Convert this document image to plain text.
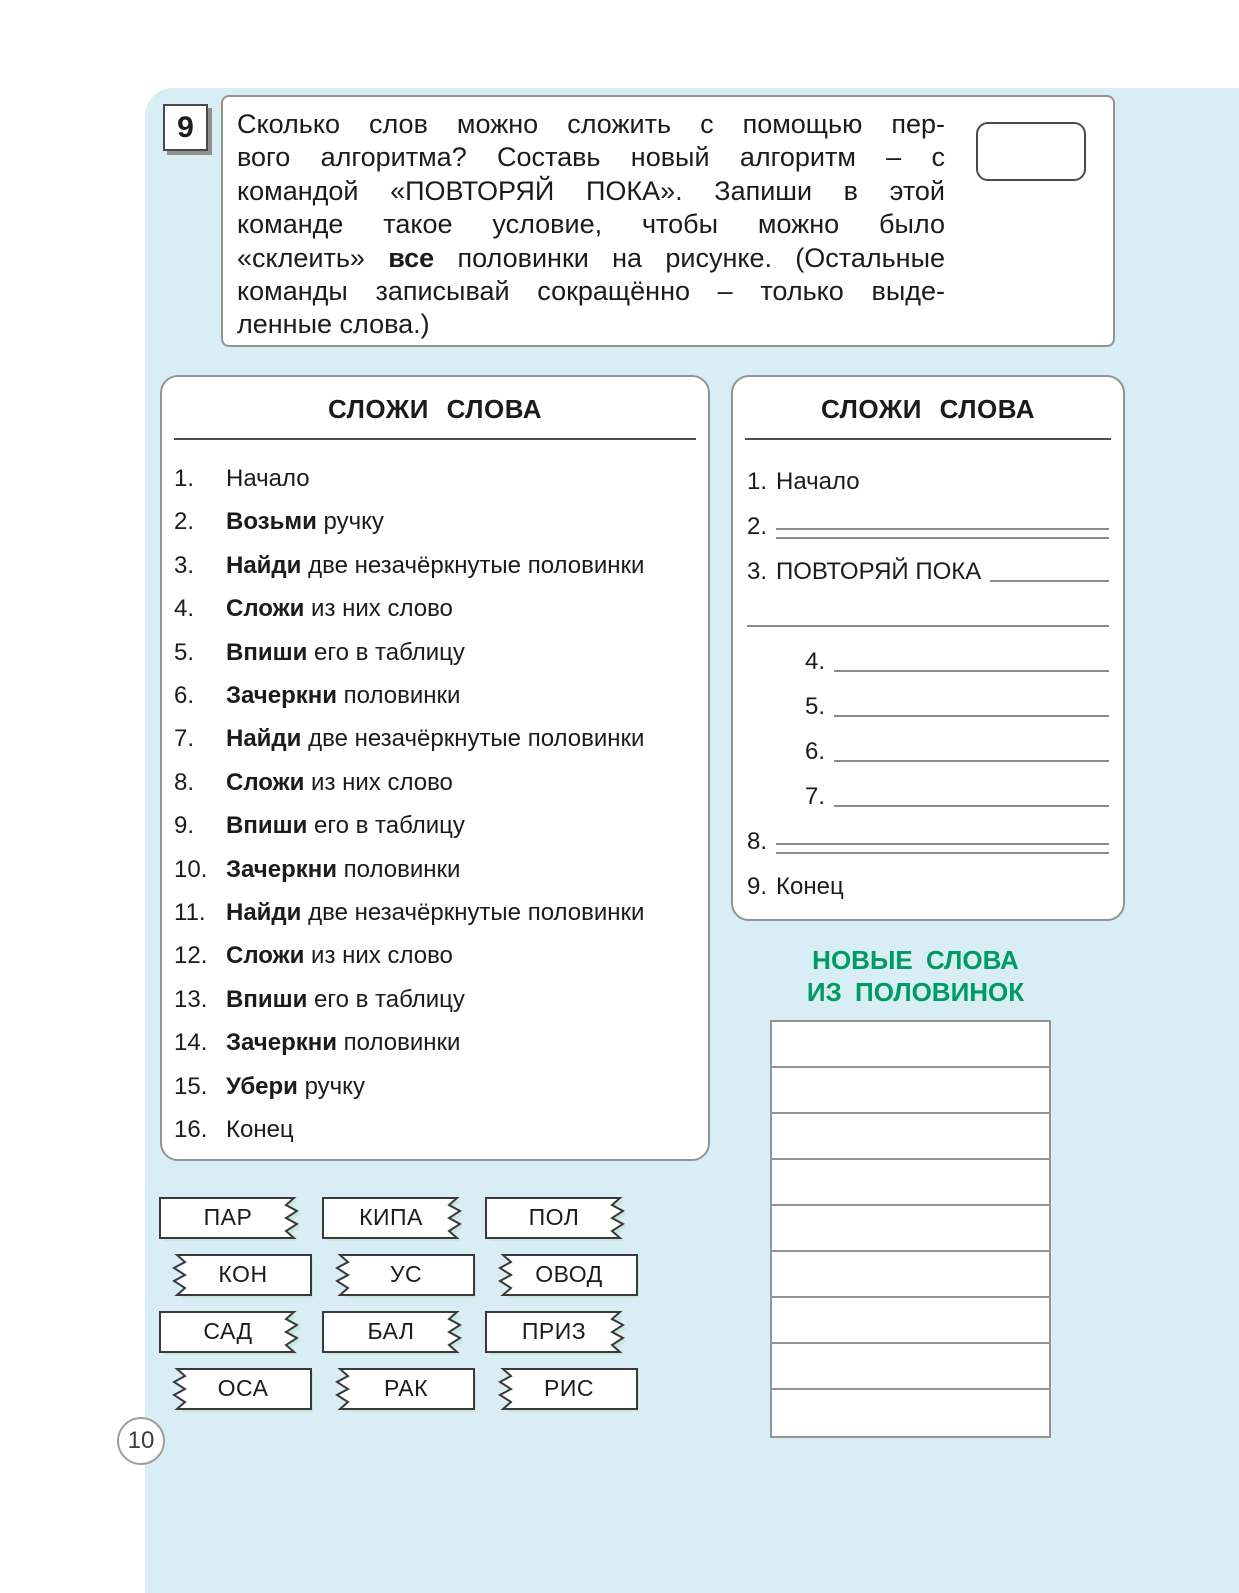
9	Сколько слов можно сложить с помощью пер-
вого алгоритма? Составь новый алгоритм – с
командой «ПОВТОРЯЙ ПОКА». Запиши в этой
команде такое условие, чтобы можно было
«склеить» все половинки на рисунке. (Остальные
команды записывай сокращённо – только выде-
ленные слова.)
СЛОЖИ СЛОВА
1.	Начало
2.	Возьми ручку
3.	Найди две незачёркнутые половинки
4.	Сложи из них слово
5.	Впиши его в таблицу
6.	Зачеркни половинки
7.	Найди две незачёркнутые половинки
8.	Сложи из них слово
9.	Впиши его в таблицу
10. Зачеркни половинки
11. Найди две незачёркнутые половинки
12. Сложи из них слово
13. Впиши его в таблицу
14. Зачеркни половинки
15. Убери ручку
16. Конец
СЛОЖИ СЛОВА
1. Начало
2.
3. ПОВТОРЯЙ ПОКА
4.
5.
6.
7.
8.
9. Конец
НОВЫЕ СЛОВА
ИЗ ПОЛОВИНОК
ПАР	КИПА	ПОЛ
КОН	УС	ОВОД
САД	БАЛ	ПРИЗ
ОСА	РАК	РИС
10
